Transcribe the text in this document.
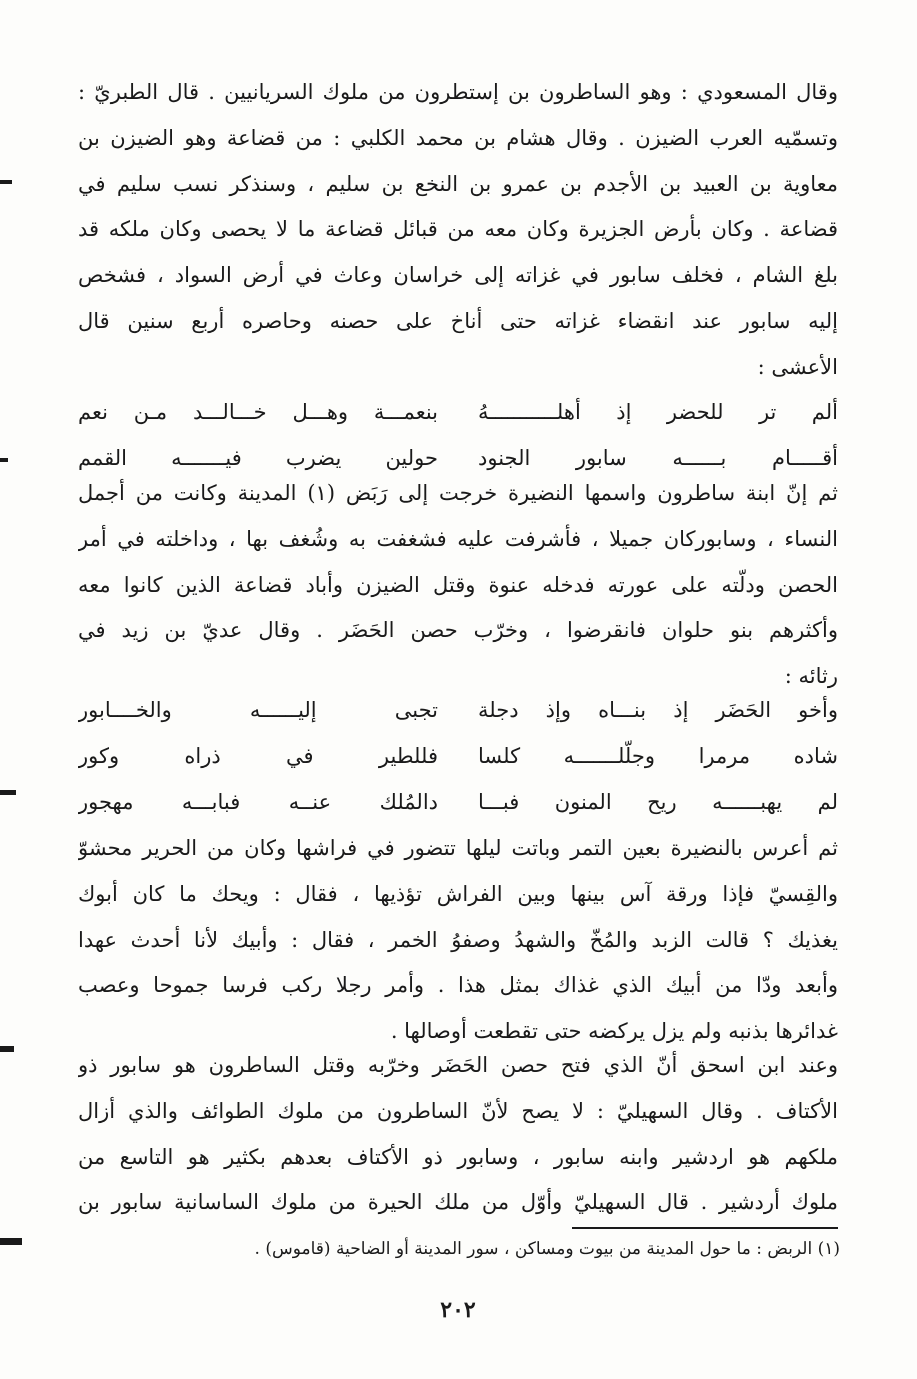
وقال المسعودي : وهو الساطرون بن إستطرون من ملوك السريانيين . قال الطبريّ :
وتسمّيه العرب الضيزن . وقال هشام بن محمد الكلبي : من قضاعة وهو الضيزن بن
معاوية بن العبيد بن الأجدم بن عمرو بن النخع بن سليم ، وسنذكر نسب سليم في
قضاعة . وكان بأرض الجزيرة وكان معه من قبائل قضاعة ما لا يحصى وكان ملكه قد
بلغ الشام ، فخلف سابور في غزاته إلى خراسان وعاث في أرض السواد ، فشخص
إليه سابور عند انقضاء غزاته حتى أناخ على حصنه وحاصره أربع سنين قال
الأعشى :
ألم تر للحضر إذ أهلـــــــــــهُ
بنعمـــة وهـــل خـــالـــد مـن نعم
أقـــــام بــــــه سابور الجنود
حولين يضرب فيـــــــه القمم
ثم إنّ ابنة ساطرون واسمها النضيرة خرجت إلى رَبَض (١) المدينة وكانت من أجمل
النساء ، وسابوركان جميلا ، فأشرفت عليه فشغفت به وشُغف بها ، وداخلته في أمر
الحصن ودلّته على عورته فدخله عنوة وقتل الضيزن وأباد قضاعة الذين كانوا معه
وأكثرهم بنو حلوان فانقرضوا ، وخرّب حصن الحَضَر . وقال عديّ بن زيد في
رثائه :
وأخو الحَضَر إذ بنـــاه وإذ دجلة
تجبى إليــــــه والخــــابور
شاده مرمرا وجلّلـــــــه كلسا
فللطير في ذراه وكور
لم يهبــــــه ريح المنون فبـــا
دالمُلك عنــه فبابـــه مهجور
ثم أعرس بالنضيرة بعين التمر وباتت ليلها تتضور في فراشها وكان من الحرير محشوّ
والقِسيّ فإذا ورقة آس بينها وبين الفراش تؤذيها ، فقال : ويحك ما كان أبوك
يغذيك ؟ قالت الزبد والمُخّ والشهدُ وصفوُ الخمر ، فقال : وأبيك لأنا أحدث عهدا
وأبعد ودّا من أبيك الذي غذاك بمثل هذا . وأمر رجلا ركب فرسا جموحا وعصب
غدائرها بذنبه ولم يزل يركضه حتى تقطعت أوصالها .
وعند ابن اسحق أنّ الذي فتح حصن الحَضَر وخرّبه وقتل الساطرون هو سابور ذو
الأكتاف . وقال السهيليّ : لا يصح لأنّ الساطرون من ملوك الطوائف والذي أزال
ملكهم هو اردشير وابنه سابور ، وسابور ذو الأكتاف بعدهم بكثير هو التاسع من
ملوك أردشير . قال السهيليّ وأوّل من ملك الحيرة من ملوك الساسانية سابور بن
(١) الربض : ما حول المدينة من بيوت ومساكن ، سور المدينة أو الضاحية (قاموس) .
٢٠٢
